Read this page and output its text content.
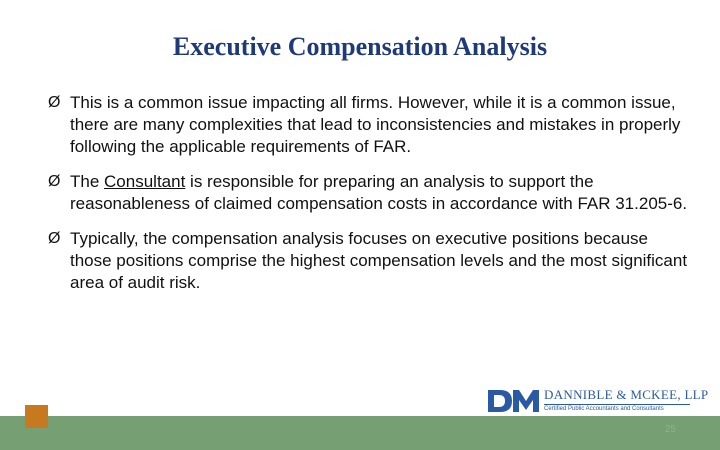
Executive Compensation Analysis
Ø This is a common issue impacting all firms. However, while it is a common issue, there are many complexities that lead to inconsistencies and mistakes in properly following the applicable requirements of FAR.
Ø The Consultant is responsible for preparing an analysis to support the reasonableness of claimed compensation costs in accordance with FAR 31.205-6.
Ø Typically, the compensation analysis focuses on executive positions because those positions comprise the highest compensation levels and the most significant area of audit risk.
DANNIBLE & MCKEE, LLP
Certified Public Accountants and Consultants
25
